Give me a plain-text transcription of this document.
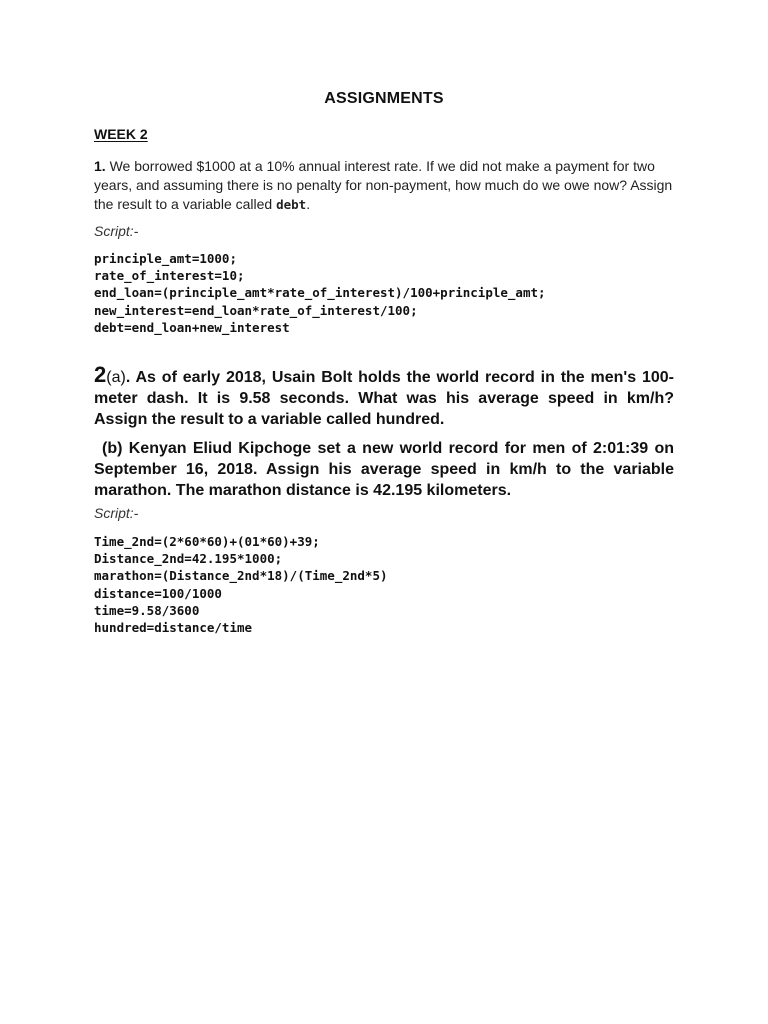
ASSIGNMENTS
WEEK 2
1. We borrowed $1000 at a 10% annual interest rate. If we did not make a payment for two years, and assuming there is no penalty for non-payment, how much do we owe now? Assign the result to a variable called debt.
Script:-
principle_amt=1000;
rate_of_interest=10;
end_loan=(principle_amt*rate_of_interest)/100+principle_amt;
new_interest=end_loan*rate_of_interest/100;
debt=end_loan+new_interest
2(a). As of early 2018, Usain Bolt holds the world record in the men's 100-meter dash. It is 9.58 seconds. What was his average speed in km/h? Assign the result to a variable called hundred.
(b) Kenyan Eliud Kipchoge set a new world record for men of 2:01:39 on September 16, 2018. Assign his average speed in km/h to the variable marathon. The marathon distance is 42.195 kilometers.
Script:-
Time_2nd=(2*60*60)+(01*60)+39;
Distance_2nd=42.195*1000;
marathon=(Distance_2nd*18)/(Time_2nd*5)
distance=100/1000
time=9.58/3600
hundred=distance/time
